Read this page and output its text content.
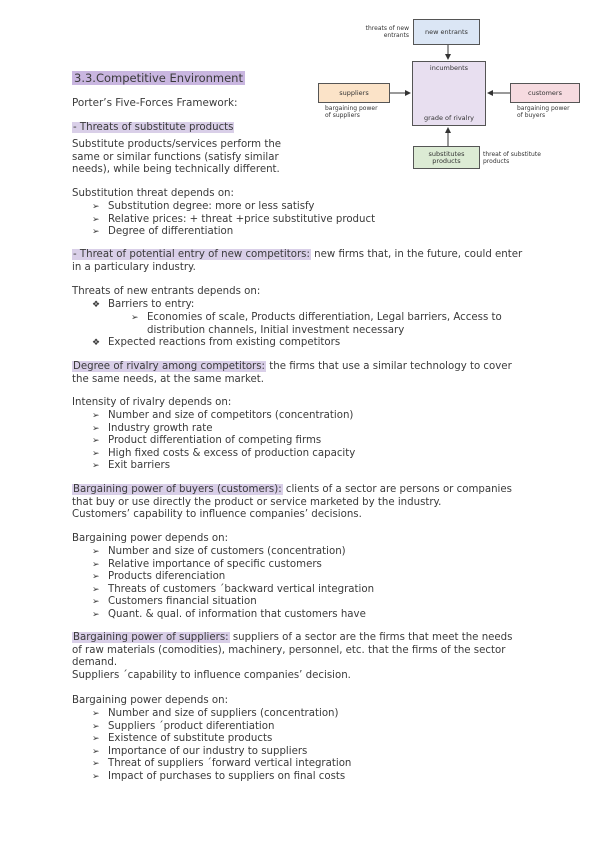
new entrants
threats of new
entrants
incumbents
grade of rivalry
suppliers
bargaining power
of suppliers
customers
bargaining power
of buyers
substitutes
products
threat of substitute
products
3.3.Competitive Environment
Porter’s Five-Forces Framework:
- Threats of substitute products
Substitute products/services perform the
same or similar functions (satisfy similar
needs), while being technically different.
Substitution threat depends on:
➢ Substitution degree: more or less satisfy
➢ Relative prices: + threat +price substitutive product
➢ Degree of differentiation
- Threat of potential entry of new competitors: new firms that, in the future, could enter
in a particulary industry.
Threats of new entrants depends on:
❖ Barriers to entry:
➢ Economies of scale, Products differentiation, Legal barriers, Access to
distribution channels, Initial investment necessary
❖ Expected reactions from existing competitors
Degree of rivalry among competitors: the firms that use a similar technology to cover
the same needs, at the same market.
Intensity of rivalry depends on:
➢ Number and size of competitors (concentration)
➢ Industry growth rate
➢ Product differentiation of competing firms
➢ High fixed costs & excess of production capacity
➢ Exit barriers
Bargaining power of buyers (customers): clients of a sector are persons or companies
that buy or use directly the product or service marketed by the industry.
Customers’ capability to influence companies’ decisions.
Bargaining power depends on:
➢ Number and size of customers (concentration)
➢ Relative importance of specific customers
➢ Products diferenciation
➢ Threats of customers ´backward vertical integration
➢ Customers financial situation
➢ Quant. & qual. of information that customers have
Bargaining power of suppliers: suppliers of a sector are the firms that meet the needs
of raw materials (comodities), machinery, personnel, etc. that the firms of the sector
demand.
Suppliers ´capability to influence companies’ decision.
Bargaining power depends on:
➢ Number and size of suppliers (concentration)
➢ Suppliers ´product diferentiation
➢ Existence of substitute products
➢ Importance of our industry to suppliers
➢ Threat of suppliers ´forward vertical integration
➢ Impact of purchases to suppliers on final costs
